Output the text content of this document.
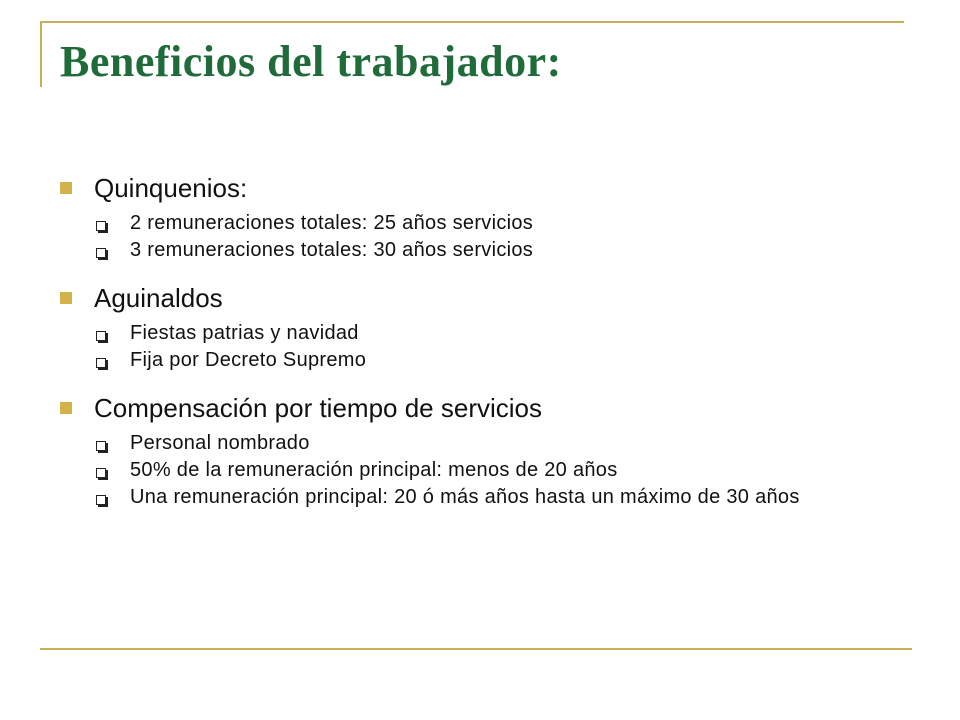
Beneficios del trabajador:
Quinquenios:
2 remuneraciones totales: 25 años servicios
3 remuneraciones totales: 30 años servicios
Aguinaldos
Fiestas patrias y navidad
Fija por Decreto Supremo
Compensación por tiempo de servicios
Personal nombrado
50% de la remuneración principal: menos de 20 años
Una remuneración principal: 20 ó más años hasta un máximo de 30 años
